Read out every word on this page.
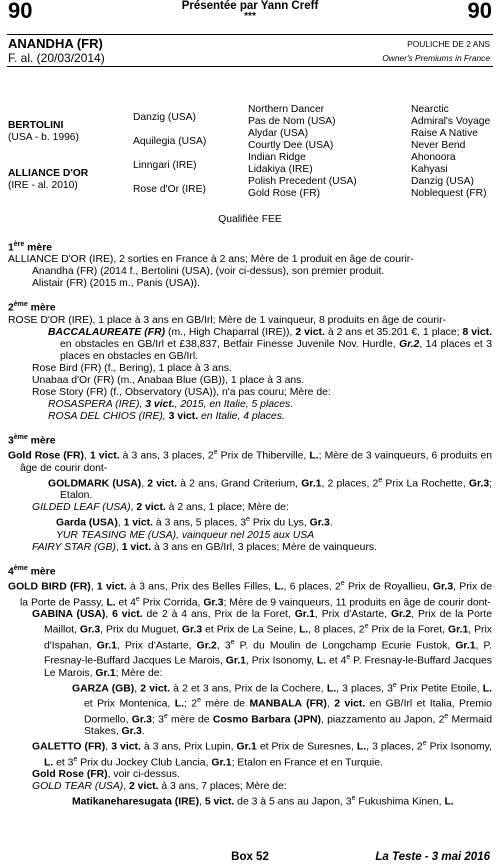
90	Présentée par Yann Creff
***	90
ANANDHA (FR)
F. al. (20/03/2014)
POULICHE DE 2 ANS
Owner's Premiums in France
BERTOLINI
(USA - b. 1996)
ALLIANCE D'OR
(IRE - al. 2010)
Danzig (USA)
Aquilegia (USA)
Linngari (IRE)
Rose d'Or (IRE)
Northern Dancer
Pas de Nom (USA)
Alydar (USA)
Courtly Dee (USA)
Indian Ridge
Lidakiya (IRE)
Polish Precedent (USA)
Gold Rose (FR)
Nearctic
Admiral's Voyage
Raise A Native
Never Bend
Ahonoora
Kahyasi
Danzig (USA)
Noblequest (FR)
Qualifiée FEE

1ère mère

ALLIANCE D'OR (IRE), 2 sorties en France à 2 ans; Mère de 1 produit en âge de courir-

Anandha (FR) (2014 f., Bertolini (USA), (voir ci-dessus), son premier produit.

Alistair (FR) (2015 m., Panis (USA)).

2ème mère

ROSE D'OR (IRE), 1 place à 3 ans en GB/Irl; Mère de 1 vainqueur, 8 produits en âge de courir-

BACCALAUREATE (FR) (m., High Chaparral (IRE)), 2 vict. à 2 ans et 35.201 €, 1 place; 8 vict. en obstacles en GB/Irl et £38,837, Betfair Finesse Juvenile Nov. Hurdle, Gr.2, 14 places et 3 places en obstacles en GB/Irl.

Rose Bird (FR) (f., Bering), 1 place à 3 ans.

Unabaa d'Or (FR) (m., Anabaa Blue (GB)), 1 place à 3 ans.

Rose Story (FR) (f., Observatory (USA)), n'a pas couru; Mère de:

ROSASPERA (IRE), 3 vict., 2015, en Italie, 5 places.

ROSA DEL CHIOS (IRE), 3 vict. en Italie, 4 places.

3ème mère

Gold Rose (FR), 1 vict. à 3 ans, 3 places, 2e Prix de Thiberville, L.; Mère de 3 vainqueurs, 6 produits en âge de courir dont-

GOLDMARK (USA), 2 vict. à 2 ans, Grand Criterium, Gr.1, 2 places, 2e Prix La Rochette, Gr.3; Etalon.

GILDED LEAF (USA), 2 vict. à 2 ans, 1 place; Mère de:

Garda (USA), 1 vict. à 3 ans, 5 places, 3e Prix du Lys, Gr.3.

YUR TEASING ME (USA), vainqueur nel 2015 aux USA

FAIRY STAR (GB), 1 vict. à 3 ans en GB/Irl, 3 places; Mère de vainqueurs.

4ème mère

GOLD BIRD (FR), 1 vict. à 3 ans, Prix des Belles Filles, L., 6 places, 2e Prix de Royallieu, Gr.3, Prix de la Porte de Passy, L. et 4e Prix Corrida, Gr.3; Mère de 9 vainqueurs, 11 produits en âge de courir dont-

GABINA (USA), 6 vict. de 2 à 4 ans, Prix de la Foret, Gr.1, Prix d'Astarte, Gr.2, Prix de la Porte Maillot, Gr.3, Prix du Muguet, Gr.3 et Prix de La Seine, L., 8 places, 2e Prix de la Foret, Gr.1, Prix d'Ispahan, Gr.1, Prix d'Astarte, Gr.2, 3e P. du Moulin de Longchamp Ecurie Fustok, Gr.1, P. Fresnay-le-Buffard Jacques Le Marois, Gr.1, Prix Isonomy, L. et 4e P. Fresnay-le-Buffard Jacques Le Marois, Gr.1; Mère de:

GARZA (GB), 2 vict. à 2 et 3 ans, Prix de la Cochere, L., 3 places, 3e Prix Petite Etoile, L. et Prix Montenica, L.; 2e mère de MANBALA (FR), 2 vict. en GB/Irl et Italia, Premio Dormello, Gr.3; 3e mère de Cosmo Barbara (JPN), piazzamento au Japon, 2e Mermaid Stakes, Gr.3.

GALETTO (FR), 3 vict. à 3 ans, Prix Lupin, Gr.1 et Prix de Suresnes, L., 3 places, 2e Prix Isonomy, L. et 3e Prix du Jockey Club Lancia, Gr.1; Etalon en France et en Turquie.

Gold Rose (FR), voir ci-dessus.

GOLD TEAR (USA), 2 vict. à 3 ans, 7 places; Mère de:

Matikaneharesugata (IRE), 5 vict. de 3 à 5 ans au Japon, 3e Fukushima Kinen, L.

Box 52	La Teste - 3 mai 2016
